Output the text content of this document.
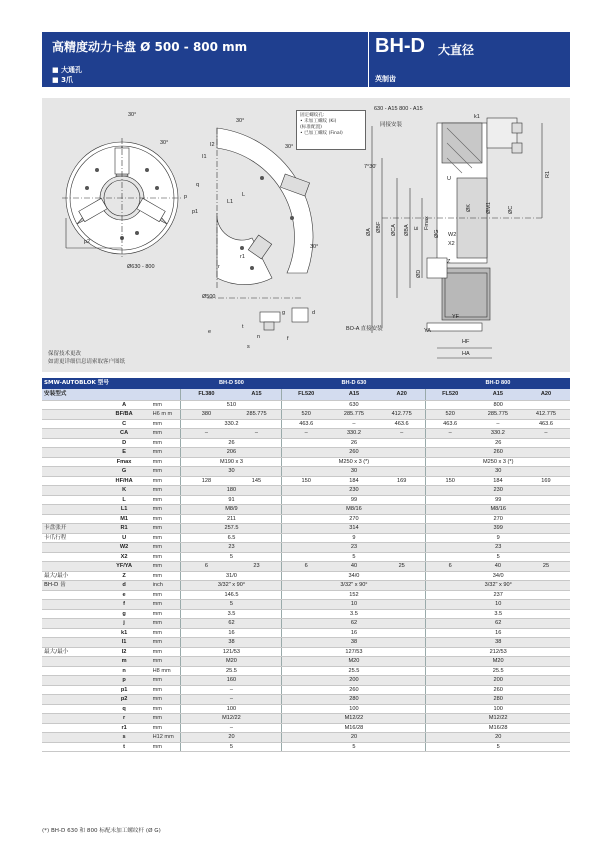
高精度动力卡盘 Ø 500 - 800 mm
■ 大通孔
■ 3爪
BH-D 大直径
英制齿
30°
30°
30°
30°
30°
7°30'
Ø630 - 800
Ø500
p2
p1
p
q
r
r1
L
L1
I1
I2
e
s
n
t
f
d
g
k1
R1
630 - A15 800 - A15
同接安装
BO-A 直接安装
HF
HA
YF
YA
Z
W2
X2
ØA ØBF ØCA ØBA E Fmax
ØG
ØD
ØK	ØM1	ØC
U
固定螺纹孔:
• 未加工螺纹 (Ki)
(标准配置)
• 已加工螺纹 (Final)
保留技术更改
如需更详细信息请索取客户图纸
SMW-AUTOBLOK 型号			BH-D 500		BH-D 630			BH-D 800		
安装型式			FL380	A15	FL520	A15	A20	FL520	A15	A20
	A	mm	510		630			800		
	BF/BA	H6 m m	380	285.775	520	285.775	412.775	520	285.775	412.775
	C	mm	330.2		463.6	–	463.6	463.6	–	463.6
	CA	mm	–	–	–	330.2	–	–	330.2	–
	D	mm	26		26			26		
	E	mm	206		260			260		
	Fmax	mm	M190 x 3		M250 x 3 (*)			M250 x 3 (*)		
	G	mm	30		30			30		
	HF/HA	mm	128	145	150	184	169	150	184	169
	K	mm	180		230			230		
	L	mm	91		99			99		
	L1	mm	M8/9		M8/16			M8/16		
	M1	mm	211		270			270		
卡盘张开	R1	mm	257.5		314			399		
卡爪行程	U	mm	6.5		9			9		
	W2	mm	23		23			23		
	X2	mm	5		5			5		
	YF/YA	mm	6	23	6	40	25	6	40	25
最大/最小	Z	mm	31/0		34/0			34/0		
BH-D 齿	d	inch	3/32" x 90°		3/32" x 90°			3/32" x 90°		
	e	mm	146.5		152			237		
	f	mm	5		10			10		
	g	mm	3.5		3.5			3.5		
	j	mm	62		62			62		
	k1	mm	16		16			16		
	I1	mm	38		38			38		
最大/最小	I2	mm	121/53		127/53			212/53		
	m	mm	M20		M20			M20		
	n	H8 mm	25.5		25.5			25.5		
	p	mm	160		200			200		
	p1	mm	–		260			260		
	p2	mm	–		280			280		
	q	mm	100		100			100		
	r	mm	M12/22		M12/22			M12/22		
	r1	mm	–		M16/28			M16/28		
	s	H12 mm	20		20			20		
	t	mm	5		5			5		
(*) BH-D 630 和 800 标配未加工螺纹杆 (Ø G)
